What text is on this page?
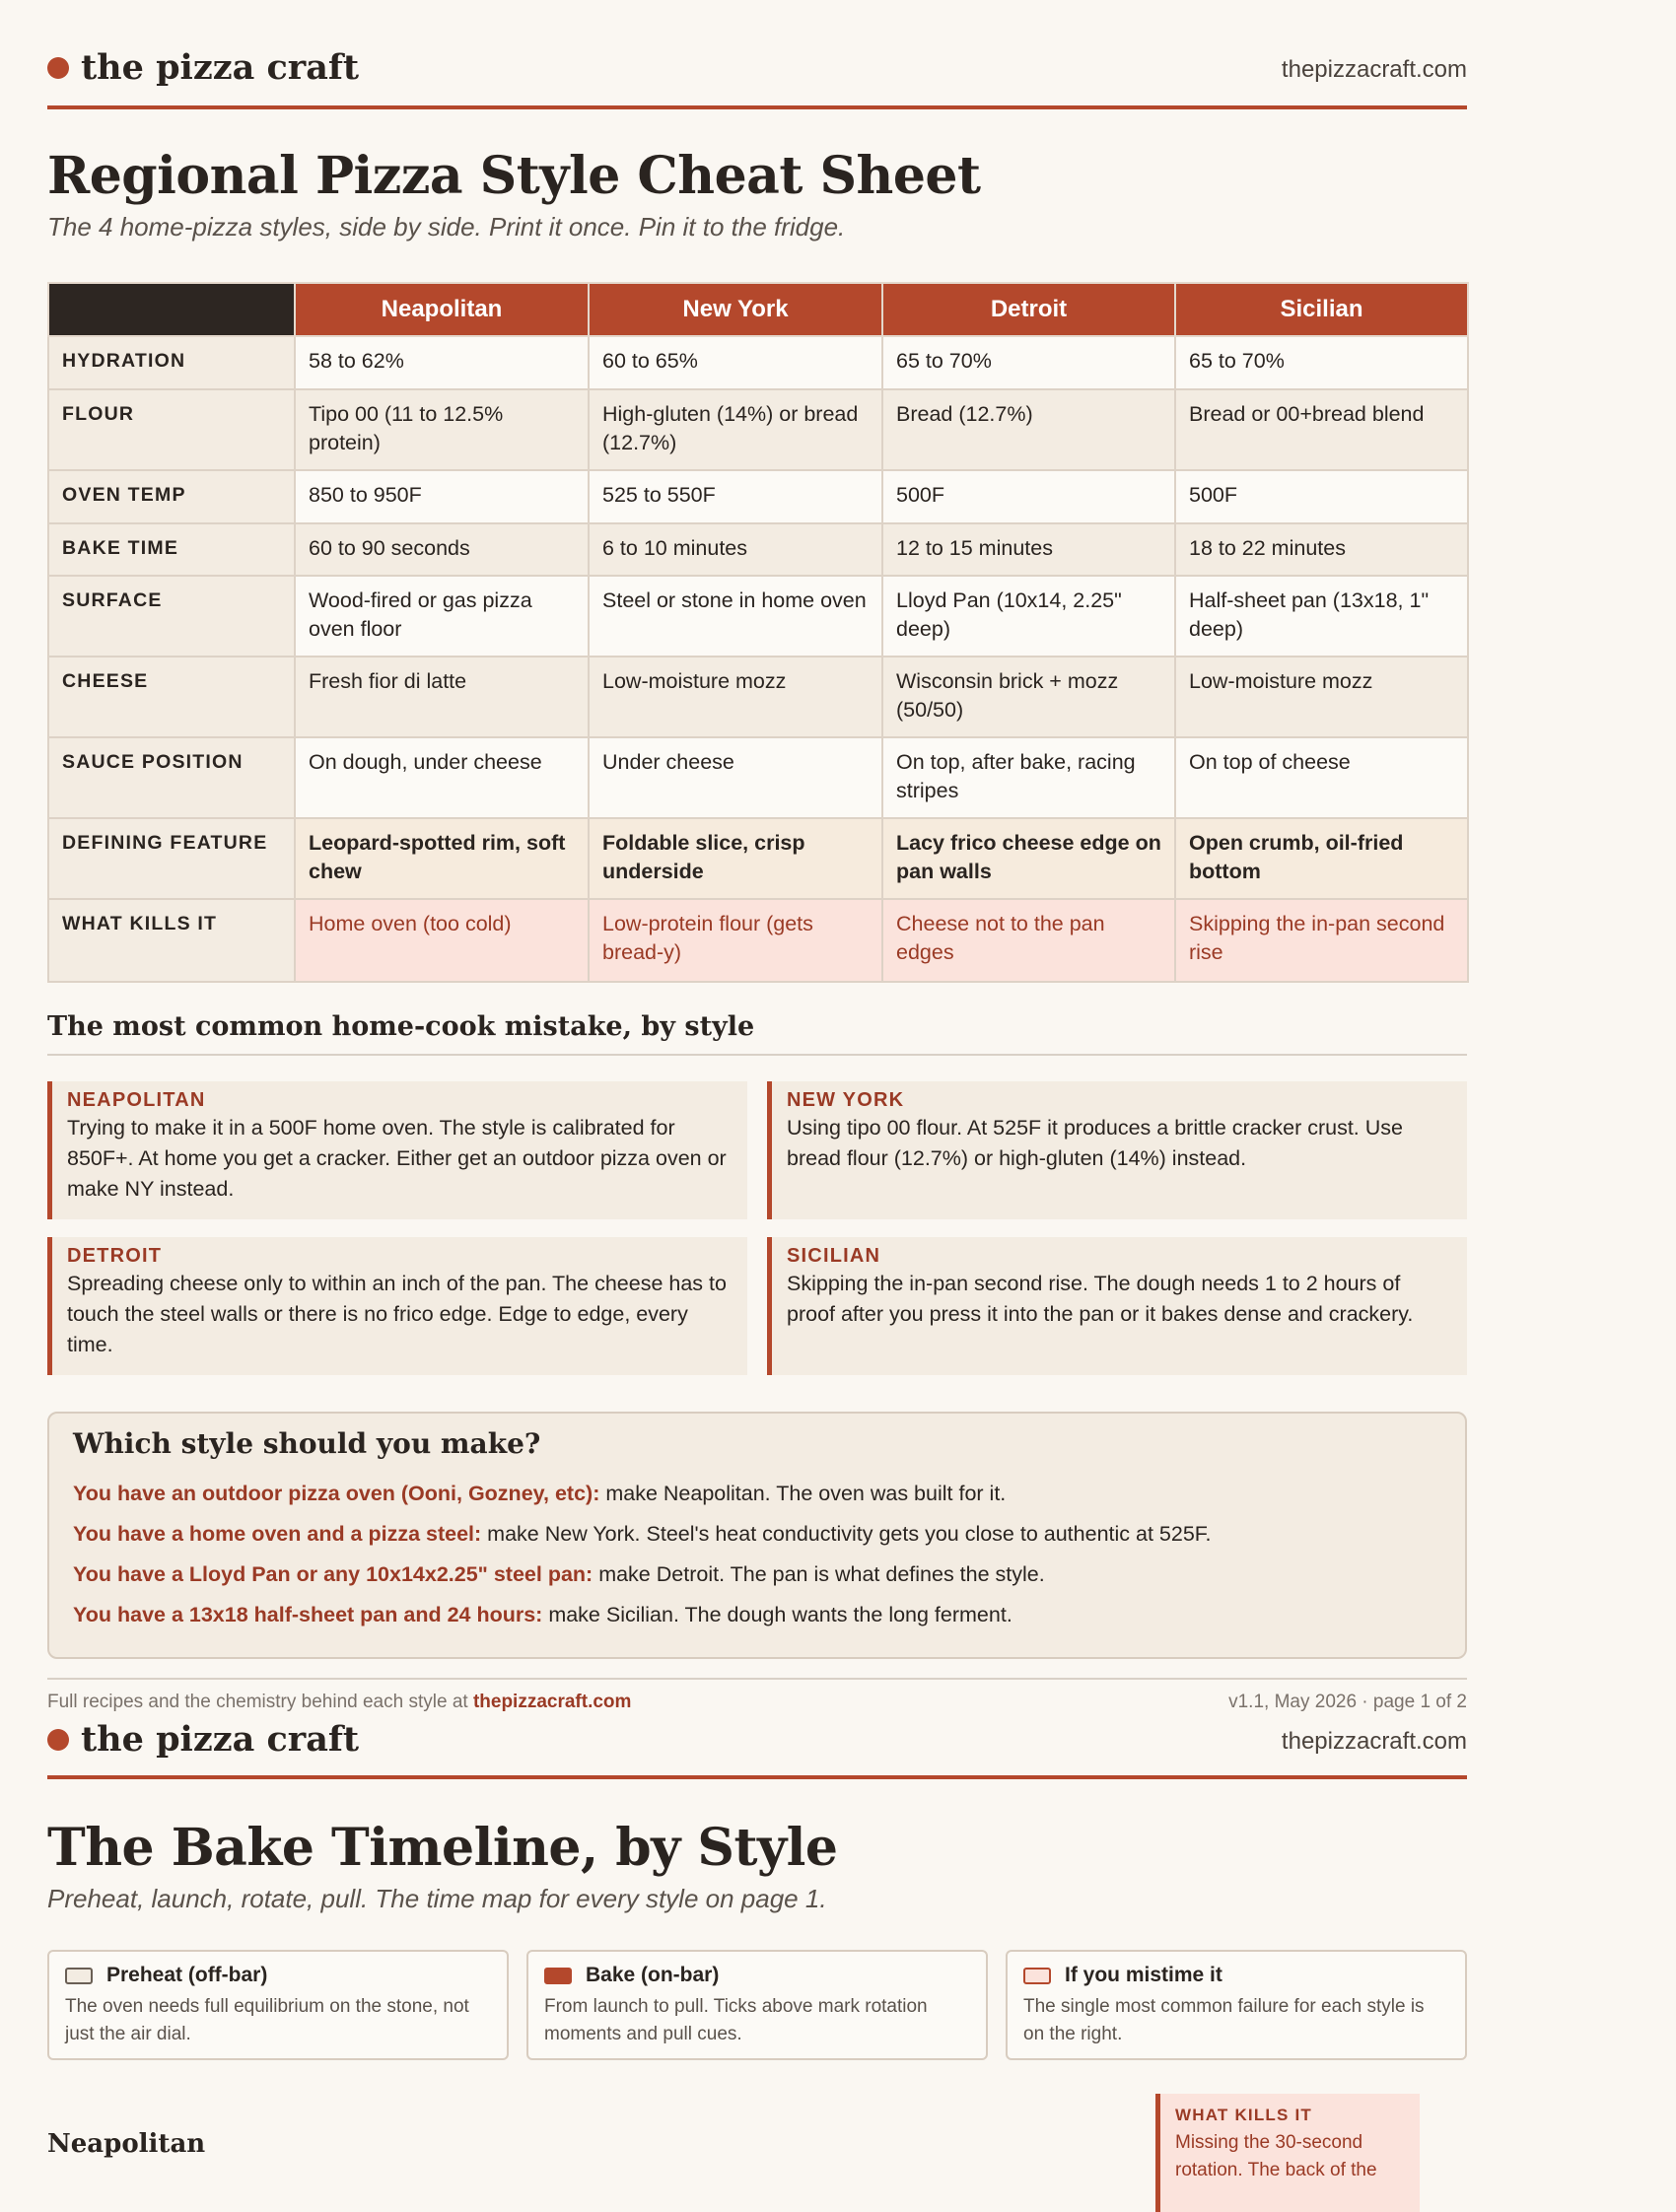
the pizza craft	thepizzacraft.com
Regional Pizza Style Cheat Sheet
The 4 home-pizza styles, side by side. Print it once. Pin it to the fridge.
	Neapolitan	New York	Detroit	Sicilian
HYDRATION	58 to 62%	60 to 65%	65 to 70%	65 to 70%
FLOUR	Tipo 00 (11 to 12.5% protein)	High-gluten (14%) or bread (12.7%)	Bread (12.7%)	Bread or 00+bread blend
OVEN TEMP	850 to 950F	525 to 550F	500F	500F
BAKE TIME	60 to 90 seconds	6 to 10 minutes	12 to 15 minutes	18 to 22 minutes
SURFACE	Wood-fired or gas pizza oven floor	Steel or stone in home oven	Lloyd Pan (10x14, 2.25" deep)	Half-sheet pan (13x18, 1" deep)
CHEESE	Fresh fior di latte	Low-moisture mozz	Wisconsin brick + mozz (50/50)	Low-moisture mozz
SAUCE POSITION	On dough, under cheese	Under cheese	On top, after bake, racing stripes	On top of cheese
DEFINING FEATURE	Leopard-spotted rim, soft chew	Foldable slice, crisp underside	Lacy frico cheese edge on pan walls	Open crumb, oil-fried bottom
WHAT KILLS IT	Home oven (too cold)	Low-protein flour (gets bread-y)	Cheese not to the pan edges	Skipping the in-pan second rise
The most common home-cook mistake, by style
NEAPOLITAN
Trying to make it in a 500F home oven. The style is calibrated for 850F+. At home you get a cracker. Either get an outdoor pizza oven or make NY instead.
NEW YORK
Using tipo 00 flour. At 525F it produces a brittle cracker crust. Use bread flour (12.7%) or high-gluten (14%) instead.
DETROIT
Spreading cheese only to within an inch of the pan. The cheese has to touch the steel walls or there is no frico edge. Edge to edge, every time.
SICILIAN
Skipping the in-pan second rise. The dough needs 1 to 2 hours of proof after you press it into the pan or it bakes dense and crackery.
Which style should you make?

You have an outdoor pizza oven (Ooni, Gozney, etc): make Neapolitan. The oven was built for it.

You have a home oven and a pizza steel: make New York. Steel's heat conductivity gets you close to authentic at 525F.

You have a Lloyd Pan or any 10x14x2.25" steel pan: make Detroit. The pan is what defines the style.

You have a 13x18 half-sheet pan and 24 hours: make Sicilian. The dough wants the long ferment.

Full recipes and the chemistry behind each style at thepizzacraft.com	v1.1, May 2026 · page 1 of 2
the pizza craft	thepizzacraft.com
The Bake Timeline, by Style
Preheat, launch, rotate, pull. The time map for every style on page 1.
Preheat (off-bar)
The oven needs full equilibrium on the stone, not just the air dial.
Bake (on-bar)
From launch to pull. Ticks above mark rotation moments and pull cues.
If you mistime it
The single most common failure for each style is on the right.
Neapolitan
WHAT KILLS IT
Missing the 30-second rotation. The back of the
